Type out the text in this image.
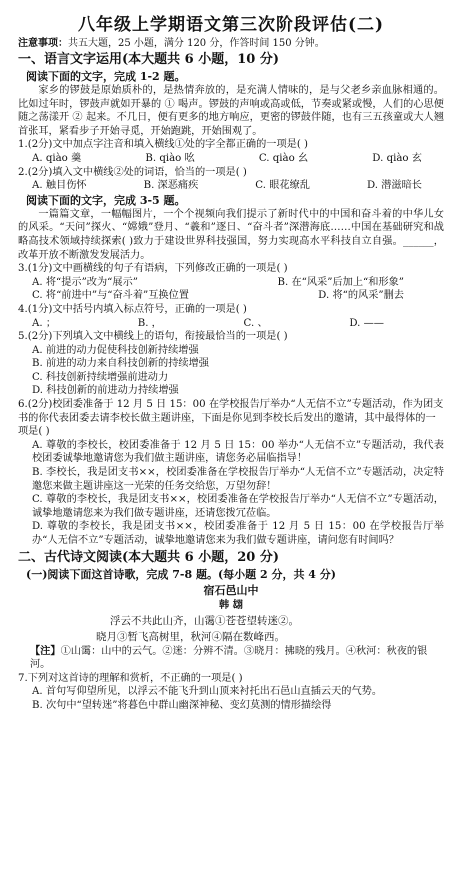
八年级上学期语文第三次阶段评估(二)
注意事项：共五大题，25 小题，满分 120 分，作答时间 150 分钟。
一、语言文字运用(本大题共 6 小题，10 分)
阅读下面的文字，完成 1-2 题。

家乡的锣鼓是原始质朴的，是热情奔放的，是充满人情味的，是与父老乡亲血脉相通的。比如过年时，锣鼓声就如开暴的 ① 喝声。锣鼓的声响或高或低，节奏或紧或慢，人们的心思便随之荡漾开 ② 起来。不几日，便有更多的地方响应，更密的锣鼓伴随，也有三五孩童或大人翘首张耳，紧看步子开始寻觅，开始跑跳，开始围观了。

1.(2分)文中加点字注音和填入横线①处的字全都正确的一项是( )

A. qiào 羹	B. qiào 吆	C. qiào 幺	D. qiào 玄

2.(2分)填入文中横线②处的词语，恰当的一项是( )

A. 触目伤怀	B. 深恶痛疾	C. 眼花缭乱	D. 潜滋暗长
阅读下面的文字，完成 3-5 题。

一篇篇文章，一幅幅图片，一个个视频向我们提示了新时代中的中国和奋斗着的中华儿女的风采。“天问”探火、“嫦娥”登月、“羲和”逐日、“奋斗者”深潜海底……中国在基础研究和战略高技术领域持续探索( )致力于建设世界科技强国，努力实现高水平科技自立自强。______，改革开放不断激发发展活力。

3.(1分)文中画横线的句子有语病，下列修改正确的一项是( )

A. 将“提示”改为“展示”	B. 在“风采”后加上“和形象”
C. 将“前进中”与“奋斗着”互换位置	D. 将“的风采”删去

4.(1分)文中括号内填入标点符号，正确的一项是( )

A. ；	B. ，	C. 、	D. ——

5.(2分)下列填入文中横线上的语句，衔接最恰当的一项是( )

A. 前进的动力促使科技创新持续增强

B. 前进的动力来自科技创新的持续增强

C. 科技创新持续增强前进动力

D. 科技创新的前进动力持续增强

6.(2分)校团委准备于 12 月 5 日 15：00 在学校报告厅举办“人无信不立”专题活动，作为团支书的你代表团委去请李校长做主题讲座，下面是你见到李校长后发出的邀请，其中最得体的一项是( )

A. 尊敬的李校长，校团委准备于 12 月 5 日 15：00 举办“人无信不立”专题活动，我代表校团委诚挚地邀请您为我们做主题讲座，请您务必届临指导！

B. 李校长，我是团支书××，校团委准备在学校报告厅举办“人无信不立”专题活动，决定特邀您来做主题讲座这一光荣的任务交给您，万望勿辞！

C. 尊敬的李校长，我是团支书××，校团委准备在学校报告厅举办“人无信不立”专题活动，诚挚地邀请您来为我们做专题讲座，还请您拨冗莅临。

D. 尊敬的李校长，我是团支书××，校团委准备于 12 月 5 日 15：00 在学校报告厅举办“人无信不立”专题活动，诚挚地邀请您来为我们做专题讲座，请问您有时间吗？

二、古代诗文阅读(本大题共 6 小题，20 分)
(一)阅读下面这首诗歌，完成 7-8 题。(每小题 2 分，共 4 分)
宿石邑山中
韩 翃

浮云不共此山齐，山霭①苍苍望转迷②。

晓月③暂飞高树里，秋河④隔在数峰西。

【注】①山霭：山中的云气。②迷：分辨不清。③晓月：拂晓的残月。④秋河：秋夜的银河。

7.下列对这首诗的理解和赏析，不正确的一项是( )

A. 首句写仰望所见，以浮云不能飞升到山顶来衬托出石邑山直插云天的气势。

B. 次句中“望转迷”将暮色中群山幽深神秘、变幻莫测的情形描绘得
